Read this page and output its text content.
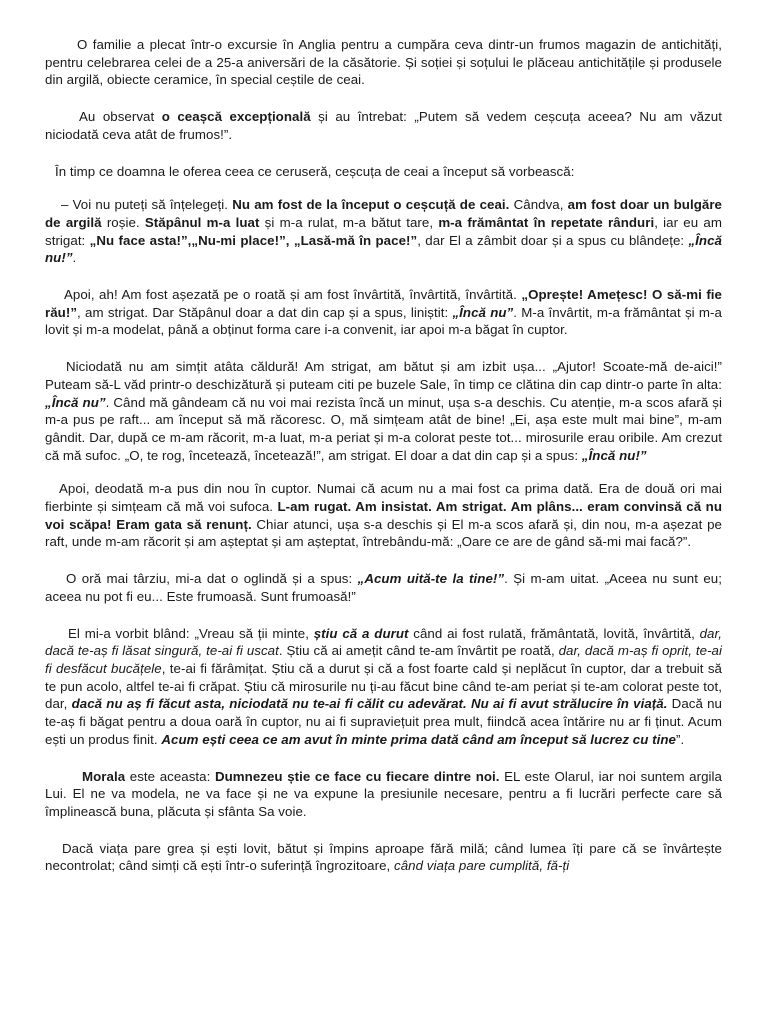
O familie a plecat într-o excursie în Anglia pentru a cumpăra ceva dintr-un frumos magazin de antichități, pentru celebrarea celei de a 25-a aniversări de la căsătorie. Și soției și soțului le plăceau antichitățile și produsele din argilă, obiecte ceramice, în special ceștile de ceai.

Au observat o ceașcă excepțională și au întrebat: „Putem să vedem ceșcuța aceea? Nu am văzut niciodată ceva atât de frumos!”.

În timp ce doamna le oferea ceea ce ceruseră, ceșcuța de ceai a început să vorbească:

– Voi nu puteți să înțelegeți. Nu am fost de la început o ceșcuță de ceai. Cândva, am fost doar un bulgăre de argilă roșie. Stăpânul m-a luat și m-a rulat, m-a bătut tare, m-a frământat în repetate rânduri, iar eu am strigat: „Nu face asta!”,„Nu-mi place!”, „Lasă-mă în pace!”, dar El a zâmbit doar și a spus cu blândețe: „Încă nu!”.

Apoi, ah! Am fost așezată pe o roată și am fost învârtită, învârtită, învârtită. „Oprește! Amețesc! O să-mi fie rău!”, am strigat. Dar Stăpânul doar a dat din cap și a spus, liniștit: „Încă nu”. M-a învârtit, m-a frământat și m-a lovit și m-a modelat, până a obținut forma care i-a convenit, iar apoi m-a băgat în cuptor.

Niciodată nu am simțit atâta căldură! Am strigat, am bătut și am izbit ușa... „Ajutor! Scoate-mă de-aici!” Puteam să-L văd printr-o deschizătură și puteam citi pe buzele Sale, în timp ce clătina din cap dintr-o parte în alta: „Încă nu”. Când mă gândeam că nu voi mai rezista încă un minut, ușa s-a deschis. Cu atenție, m-a scos afară și m-a pus pe raft... am început să mă răcoresc. O, mă simțeam atât de bine! „Ei, așa este mult mai bine”, m-am gândit. Dar, după ce m-am răcorit, m-a luat, m-a periat și m-a colorat peste tot... mirosurile erau oribile. Am crezut că mă sufoc. „O, te rog, încetează, încetează!”, am strigat. El doar a dat din cap și a spus: „Încă nu!”

Apoi, deodată m-a pus din nou în cuptor. Numai că acum nu a mai fost ca prima dată. Era de două ori mai fierbinte și simțeam că mă voi sufoca. L-am rugat. Am insistat. Am strigat. Am plâns... eram convinsă că nu voi scăpa! Eram gata să renunț. Chiar atunci, ușa s-a deschis și El m-a scos afară și, din nou, m-a așezat pe raft, unde m-am răcorit și am așteptat și am așteptat, întrebându-mă: „Oare ce are de gând să-mi mai facă?”.

O oră mai târziu, mi-a dat o oglindă și a spus: „Acum uită-te la tine!”. Și m-am uitat. „Aceea nu sunt eu; aceea nu pot fi eu... Este frumoasă. Sunt frumoasă!”

El mi-a vorbit blând: „Vreau să ții minte, știu că a durut când ai fost rulată, frământată, lovită, învârtită, dar, dacă te-aș fi lăsat singură, te-ai fi uscat. Știu că ai amețit când te-am învârtit pe roată, dar, dacă m-aș fi oprit, te-ai fi desfăcut bucățele, te-ai fi fărâmițat. Știu că a durut și că a fost foarte cald și neplăcut în cuptor, dar a trebuit să te pun acolo, altfel te-ai fi crăpat. Știu că mirosurile nu ți-au făcut bine când te-am periat și te-am colorat peste tot, dar, dacă nu aș fi făcut asta, niciodată nu te-ai fi călit cu adevărat. Nu ai fi avut strălucire în viață. Dacă nu te-aș fi băgat pentru a doua oară în cuptor, nu ai fi supraviețuit prea mult, fiindcă acea întărire nu ar fi ținut. Acum ești un produs finit. Acum ești ceea ce am avut în minte prima dată când am început să lucrez cu tine”.

Morala este aceasta: Dumnezeu știe ce face cu fiecare dintre noi. EL este Olarul, iar noi suntem argila Lui. El ne va modela, ne va face și ne va expune la presiunile necesare, pentru a fi lucrări perfecte care să împlinească buna, plăcuta și sfânta Sa voie.

Dacă viața pare grea și ești lovit, bătut și împins aproape fără milă; când lumea îți pare că se învârtește necontrolat; când simți că ești într-o suferință îngrozitoare, când viața pare cumplită, fă-ți
